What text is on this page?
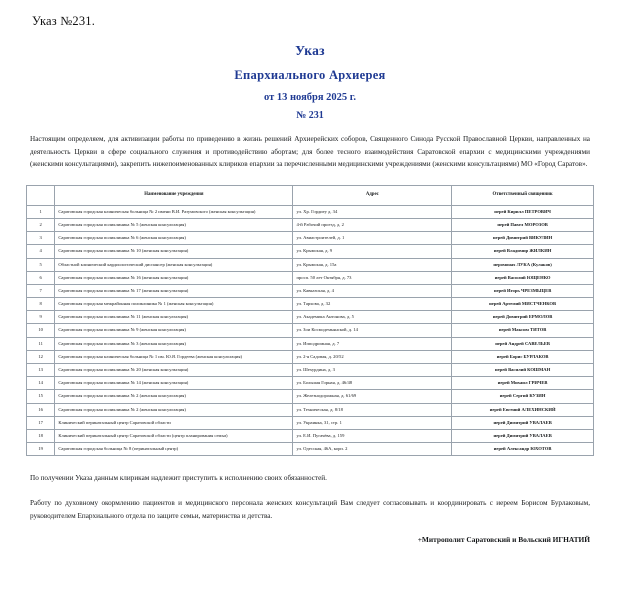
Указ №231.
Указ
Епархиального Архиерея
от 13 ноября 2025 г.
№ 231

Настоящим определяем, для активизации работы по приведению в жизнь решений Архиерейских соборов, Священного Синода Русской Православной Церкви, направленных на деятельность Церкви в сфере социального служения и противодействию абортам; для более тесного взаимодействия Саратовской епархии с медицинскими учреждениями (женскими консультациями), закрепить нижепоименованных клириков епархии за перечисленными медицинскими учреждениями (женскими консультациями) МО «Город Саратов».

	Наименование учреждения	Адрес	Ответственный священник
1	Саратовская городская клиническая больница № 2 имени В.И. Разумовского (женская консультация)	ул. Хр. Гордиеу д. 34	иерей Кирилл ПЕТРОВИЧ
2	Саратовская городская поликлиника № 5 (женская консультация)	4-й Рабочий проезд, д. 2	иерей Павел МОРОЗОВ
3	Саратовская городская поликлиника № 6 (женская консультация)	ул. Авиастроителей, д. 1	иерей Димитрий ВИКУЛИН
4	Саратовская городская поликлиника № 10 (женская консультация)	ул. Крымская, д. 9	иерей Владимир ЖИЛКИН
5	Областной клинический кардиологический диспансер (женская консультация)	ул. Крымская, д. 15а	иеромонах ЛУКА (Кулаков)
6	Саратовская городская поликлиника № 16 (женская консультация)	просп. 50 лет Октября, д. 73	иерей Василий ЮЩЕНКО
7	Саратовская городская поликлиника № 17 (женская консультация)	ул. Кавказская, д. 4	иерей Игорь ЧРЕЗМЫЦЕВ
8	Саратовская городская межрайонная поликлиника № 1 (женская консультация)	ул. Тархова, д. 32	иерей Артемий МИСТЧЕНКОВ
9	Саратовская городская поликлиника № 11 (женская консультация)	ул. Академика Антонова, д. 5	иерей Димитрий ЕРМОЛОВ
10	Саратовская городская поликлиника № 9 (женская консультация)	ул. Зои Космодемьянской, д. 14	иерей Максим ТИТОВ
11	Саратовская городская поликлиника № 3 (женская консультация)	ул. Ипподромная, д. 7	иерей Андрей САВЕЛЬЕВ
12	Саратовская городская клиническая больница № 1 им. Ю.Я. Гордеева (женская консультация)	ул. 2-я Садовая, д. 20/52	иерей Борис БУРЛАКОВ
13	Саратовская городская поликлиника № 20 (женская консультация)	ул. Шехурдина, д. 3	иерей Василий КОШМАН
14	Саратовская городская поликлиника № 14 (женская консультация)	ул. Большая Горная, д. 46/48	иерей Михаил ГРИЧЕВ
15	Саратовская городская поликлиника № 2 (женская консультация)	ул. Железнодорожная, д. 61/69	иерей Сергий КУЗИН
16	Саратовская городская поликлиника № 2 (женская консультация)	ул. Техническая, д. 8/18	иерей Евгений АЛЕХИНСКИЙ
17	Клинический перинатальный центр Саратовской области	ул. Украинка, 31, стр. 1	иерей Димитрий УВАЛАЕВ
18	Клинический перинатальный центр Саратовской области (центр планирования семьи)	ул. Е.И. Пугачёва, д. 159	иерей Димитрий УВАЛАЕВ
19	Саратовская городская больница № 8 (перинатальный центр)	ул. Одесская, 46А, корп. 2	иерей Александр ЮХОТОВ

По получении Указа данным клирикам надлежит приступить к исполнению своих обязанностей.

Работу по духовному окормлению пациентов и медицинского персонала женских консультаций Вам следует согласовывать и координировать с иереем Борисом Бурлаковым, руководителем Епархиального отдела по защите семьи, материнства и детства.

+Митрополит Саратовский и Вольский ИГНАТИЙ
